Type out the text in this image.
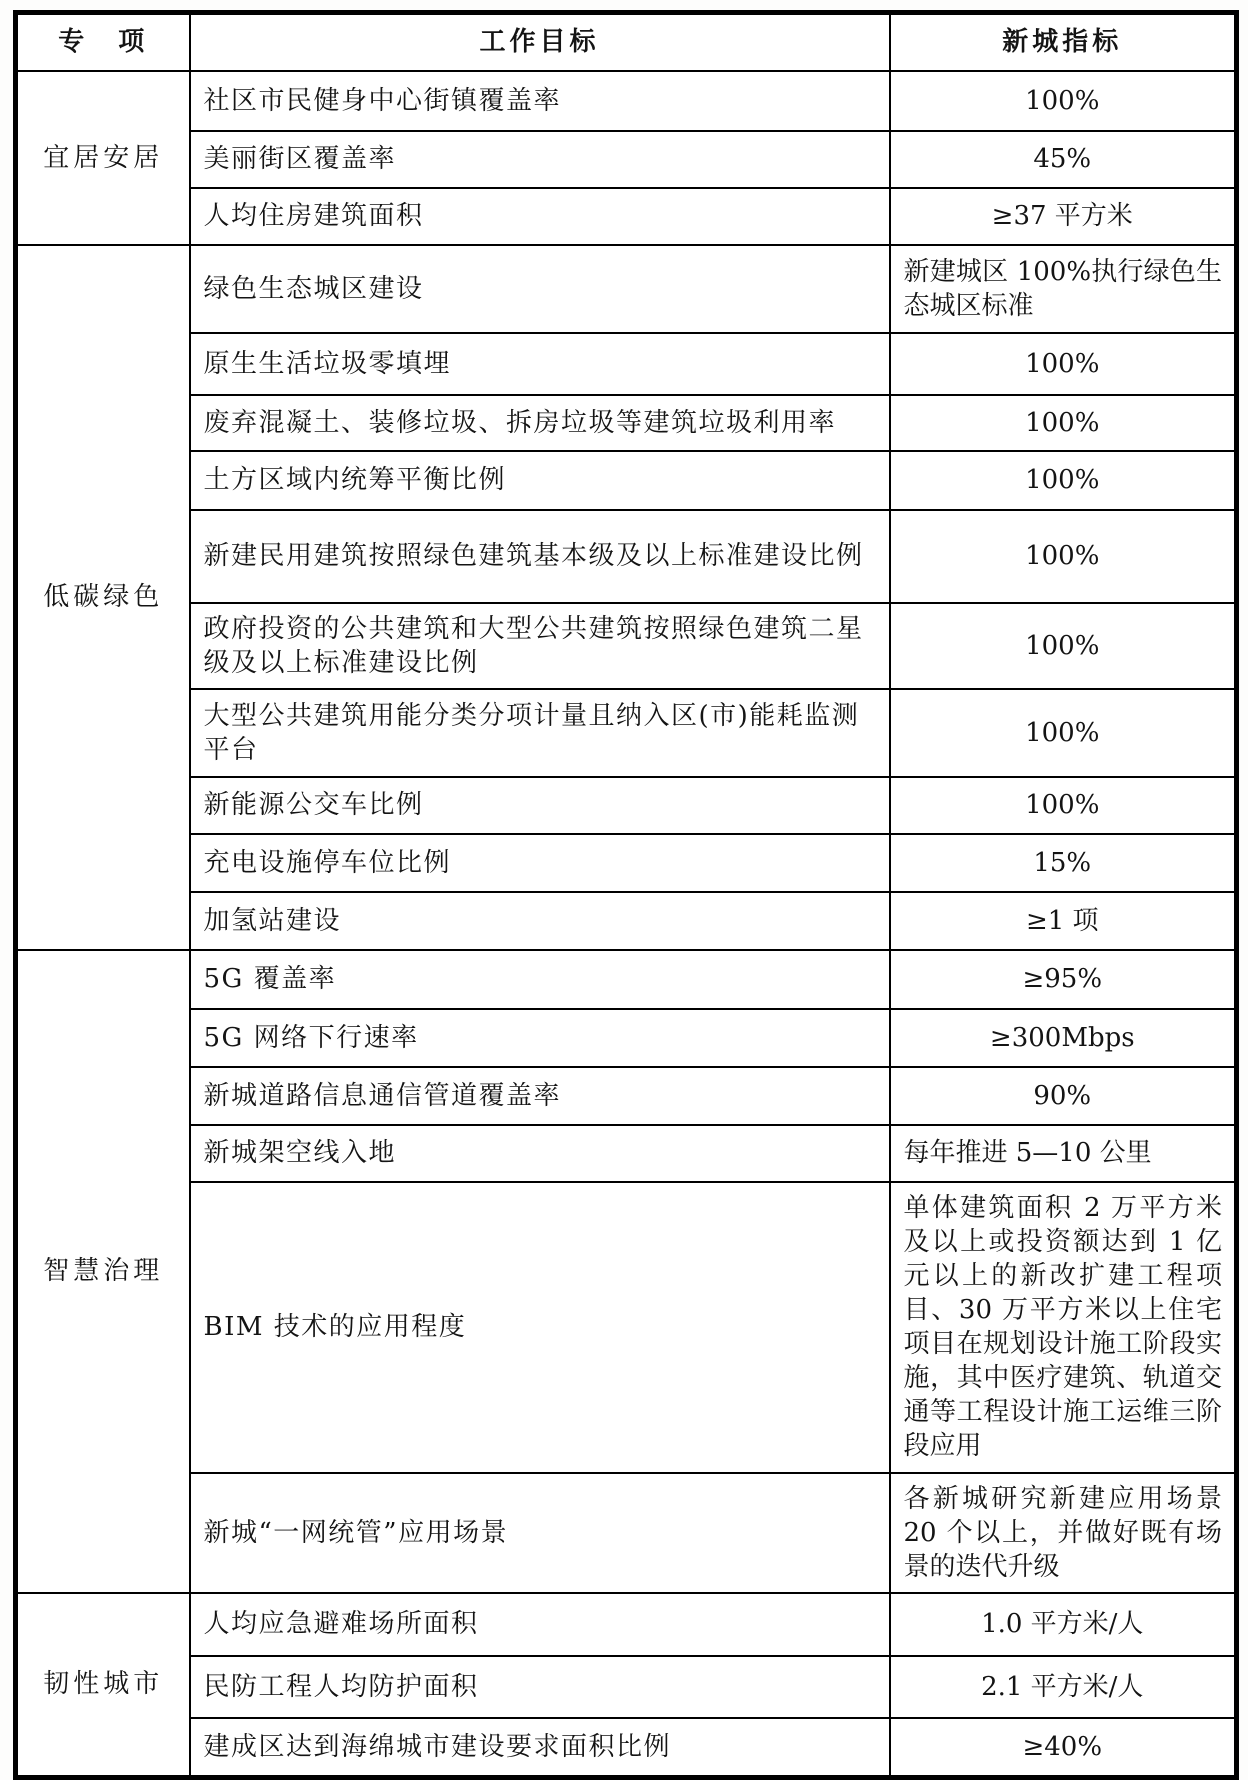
专　项	工作目标	新城指标
宜居安居	社区市民健身中心街镇覆盖率	100%
	美丽街区覆盖率	45%
	人均住房建筑面积	≥37 平方米
低碳绿色	绿色生态城区建设	新建城区 100%执行绿色生态城区标准
	原生生活垃圾零填埋	100%
	废弃混凝土、装修垃圾、拆房垃圾等建筑垃圾利用率	100%
	土方区域内统筹平衡比例	100%
	新建民用建筑按照绿色建筑基本级及以上标准建设比例	100%
	政府投资的公共建筑和大型公共建筑按照绿色建筑二星级及以上标准建设比例	100%
	大型公共建筑用能分类分项计量且纳入区(市)能耗监测平台	100%
	新能源公交车比例	100%
	充电设施停车位比例	15%
	加氢站建设	≥1 项
智慧治理	5G 覆盖率	≥95%
	5G 网络下行速率	≥300Mbps
	新城道路信息通信管道覆盖率	90%
	新城架空线入地	每年推进 5—10 公里
	BIM 技术的应用程度	单体建筑面积 2 万平方米及以上或投资额达到 1 亿元以上的新改扩建工程项目、30 万平方米以上住宅项目在规划设计施工阶段实施，其中医疗建筑、轨道交通等工程设计施工运维三阶段应用
	新城“一网统管”应用场景	各新城研究新建应用场景 20 个以上，并做好既有场景的迭代升级
韧性城市	人均应急避难场所面积	1.0 平方米/人
	民防工程人均防护面积	2.1 平方米/人
	建成区达到海绵城市建设要求面积比例	≥40%
